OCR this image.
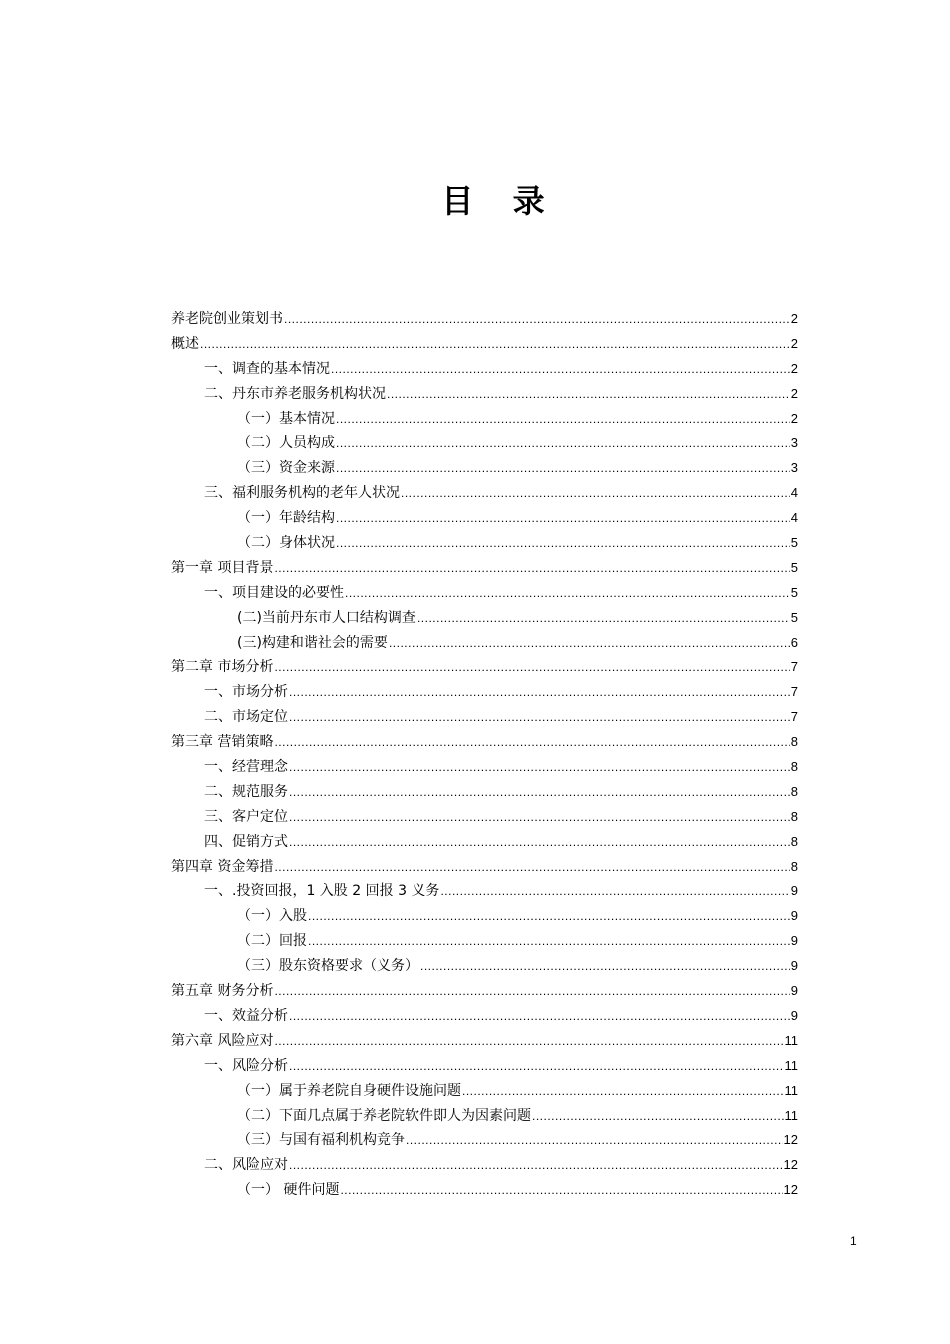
目 录
养老院创业策划书 .....	2
概述 .....	2
一、调查的基本情况 .....	2
二、丹东市养老服务机构状况 .....	2
（一）基本情况 .....	2
（二）人员构成 .....	3
（三）资金来源 .....	3
三、福利服务机构的老年人状况 .....	4
（一）年龄结构 .....	4
（二）身体状况 .....	5
第一章 项目背景 .....	5
一、项目建设的必要性 .....	5
(二)当前丹东市人口结构调查 .....	5
(三)构建和谐社会的需要 .....	6
第二章 市场分析 .....	7
一、市场分析 .....	7
二、市场定位 .....	7
第三章 营销策略 .....	8
一、经营理念 .....	8
二、规范服务 .....	8
三、客户定位 .....	8
四、促销方式 .....	8
第四章 资金筹措 .....	8
一、.投资回报，1 入股 2 回报 3 义务 .....	9
（一）入股 .....	9
（二）回报 .....	9
（三）股东资格要求（义务） .....	9
第五章 财务分析 .....	9
一、效益分析 .....	9
第六章 风险应对 .....	11
一、风险分析 .....	11
（一）属于养老院自身硬件设施问题 .....	11
（二）下面几点属于养老院软件即人为因素问题 .....	11
（三）与国有福利机构竞争 .....	12
二、风险应对 .....	12
（一） 硬件问题 .....	12
1
